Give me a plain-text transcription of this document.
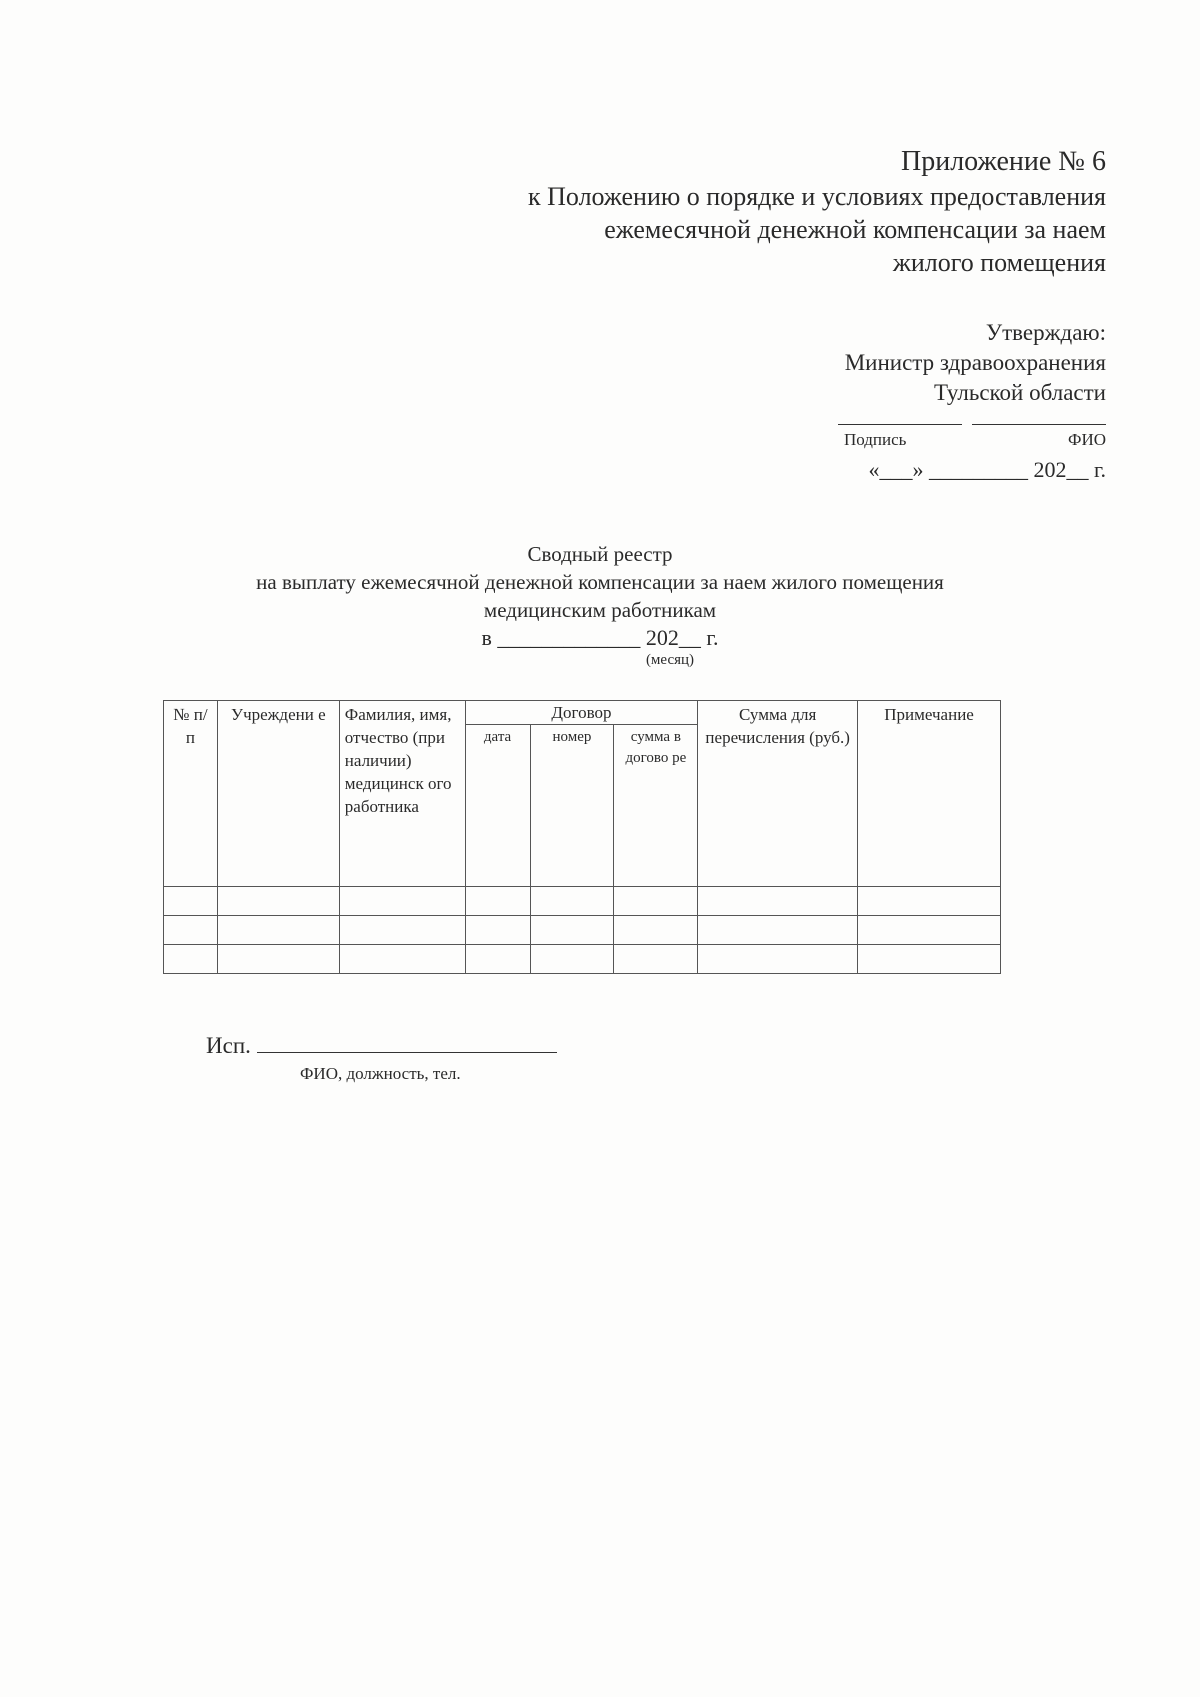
Приложение № 6
к Положению о порядке и условиях предоставления
ежемесячной денежной компенсации за наем
жилого помещения
Утверждаю:
Министр здравоохранения
Тульской области
Подпись	ФИО
«___» _________ 202__ г.
Сводный реестр
на выплату ежемесячной денежной компенсации за наем жилого помещения
медицинским работникам
в _____________ 202__ г.
(месяц)
№ п/п	Учреждени е	Фамилия, имя, отчество (при наличии) медицинск ого работника	Договор			Сумма для перечисления (руб.)	Примечание
			дата	номер	сумма в догово ре		

Исп.
ФИО, должность, тел.
